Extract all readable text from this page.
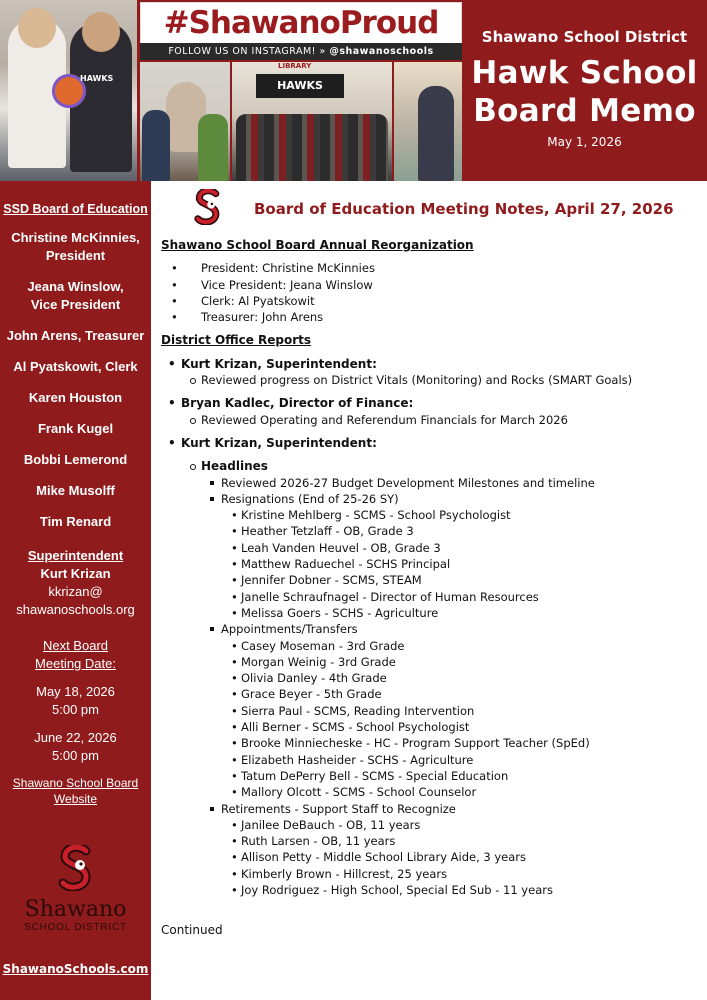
HAWKS
#ShawanoProud
FOLLOW US ON INSTAGRAM! » @shawanoschools
LIBRARY
HAWKS
Shawano School District
Hawk School
Board Memo
May 1, 2026
SSD Board of Education
Christine McKinnies,
President
Jeana Winslow,
Vice President
John Arens, Treasurer
Al Pyatskowit, Clerk
Karen Houston
Frank Kugel
Bobbi Lemerond
Mike Musolff
Tim Renard
Superintendent
Kurt Krizan
kkrizan@
shawanoschools.org
Next Board
Meeting Date:
May 18, 2026
5:00 pm
June 22, 2026
5:00 pm
Shawano School Board
Website
Shawano
SCHOOL DISTRICT
ShawanoSchools.com
Board of Education Meeting Notes, April 27, 2026
Shawano School Board Annual Reorganization
• President: Christine McKinnies
• Vice President: Jeana Winslow
• Clerk: Al Pyatskowit
• Treasurer: John Arens
District Office Reports
• Kurt Krizan, Superintendent:
Reviewed progress on District Vitals (Monitoring) and Rocks (SMART Goals)
• Bryan Kadlec, Director of Finance:
Reviewed Operating and Referendum Financials for March 2026
• Kurt Krizan, Superintendent:
Headlines
Reviewed 2026-27 Budget Development Milestones and timeline
Resignations (End of 25-26 SY)
• Kristine Mehlberg - SCMS - School Psychologist
• Heather Tetzlaff - OB, Grade 3
• Leah Vanden Heuvel - OB, Grade 3
• Matthew Raduechel - SCHS Principal
• Jennifer Dobner - SCMS, STEAM
• Janelle Schraufnagel - Director of Human Resources
• Melissa Goers - SCHS - Agriculture
Appointments/Transfers
• Casey Moseman - 3rd Grade
• Morgan Weinig - 3rd Grade
• Olivia Danley - 4th Grade
• Grace Beyer - 5th Grade
• Sierra Paul - SCMS, Reading Intervention
• Alli Berner - SCMS - School Psychologist
• Brooke Minniecheske - HC - Program Support Teacher (SpEd)
• Elizabeth Hasheider - SCHS - Agriculture
• Tatum DePerry Bell - SCMS - Special Education
• Mallory Olcott - SCMS - School Counselor
Retirements - Support Staff to Recognize
• Janilee DeBauch - OB, 11 years
• Ruth Larsen - OB, 11 years
• Allison Petty - Middle School Library Aide, 3 years
• Kimberly Brown - Hillcrest, 25 years
• Joy Rodriguez - High School, Special Ed Sub - 11 years
Continued
